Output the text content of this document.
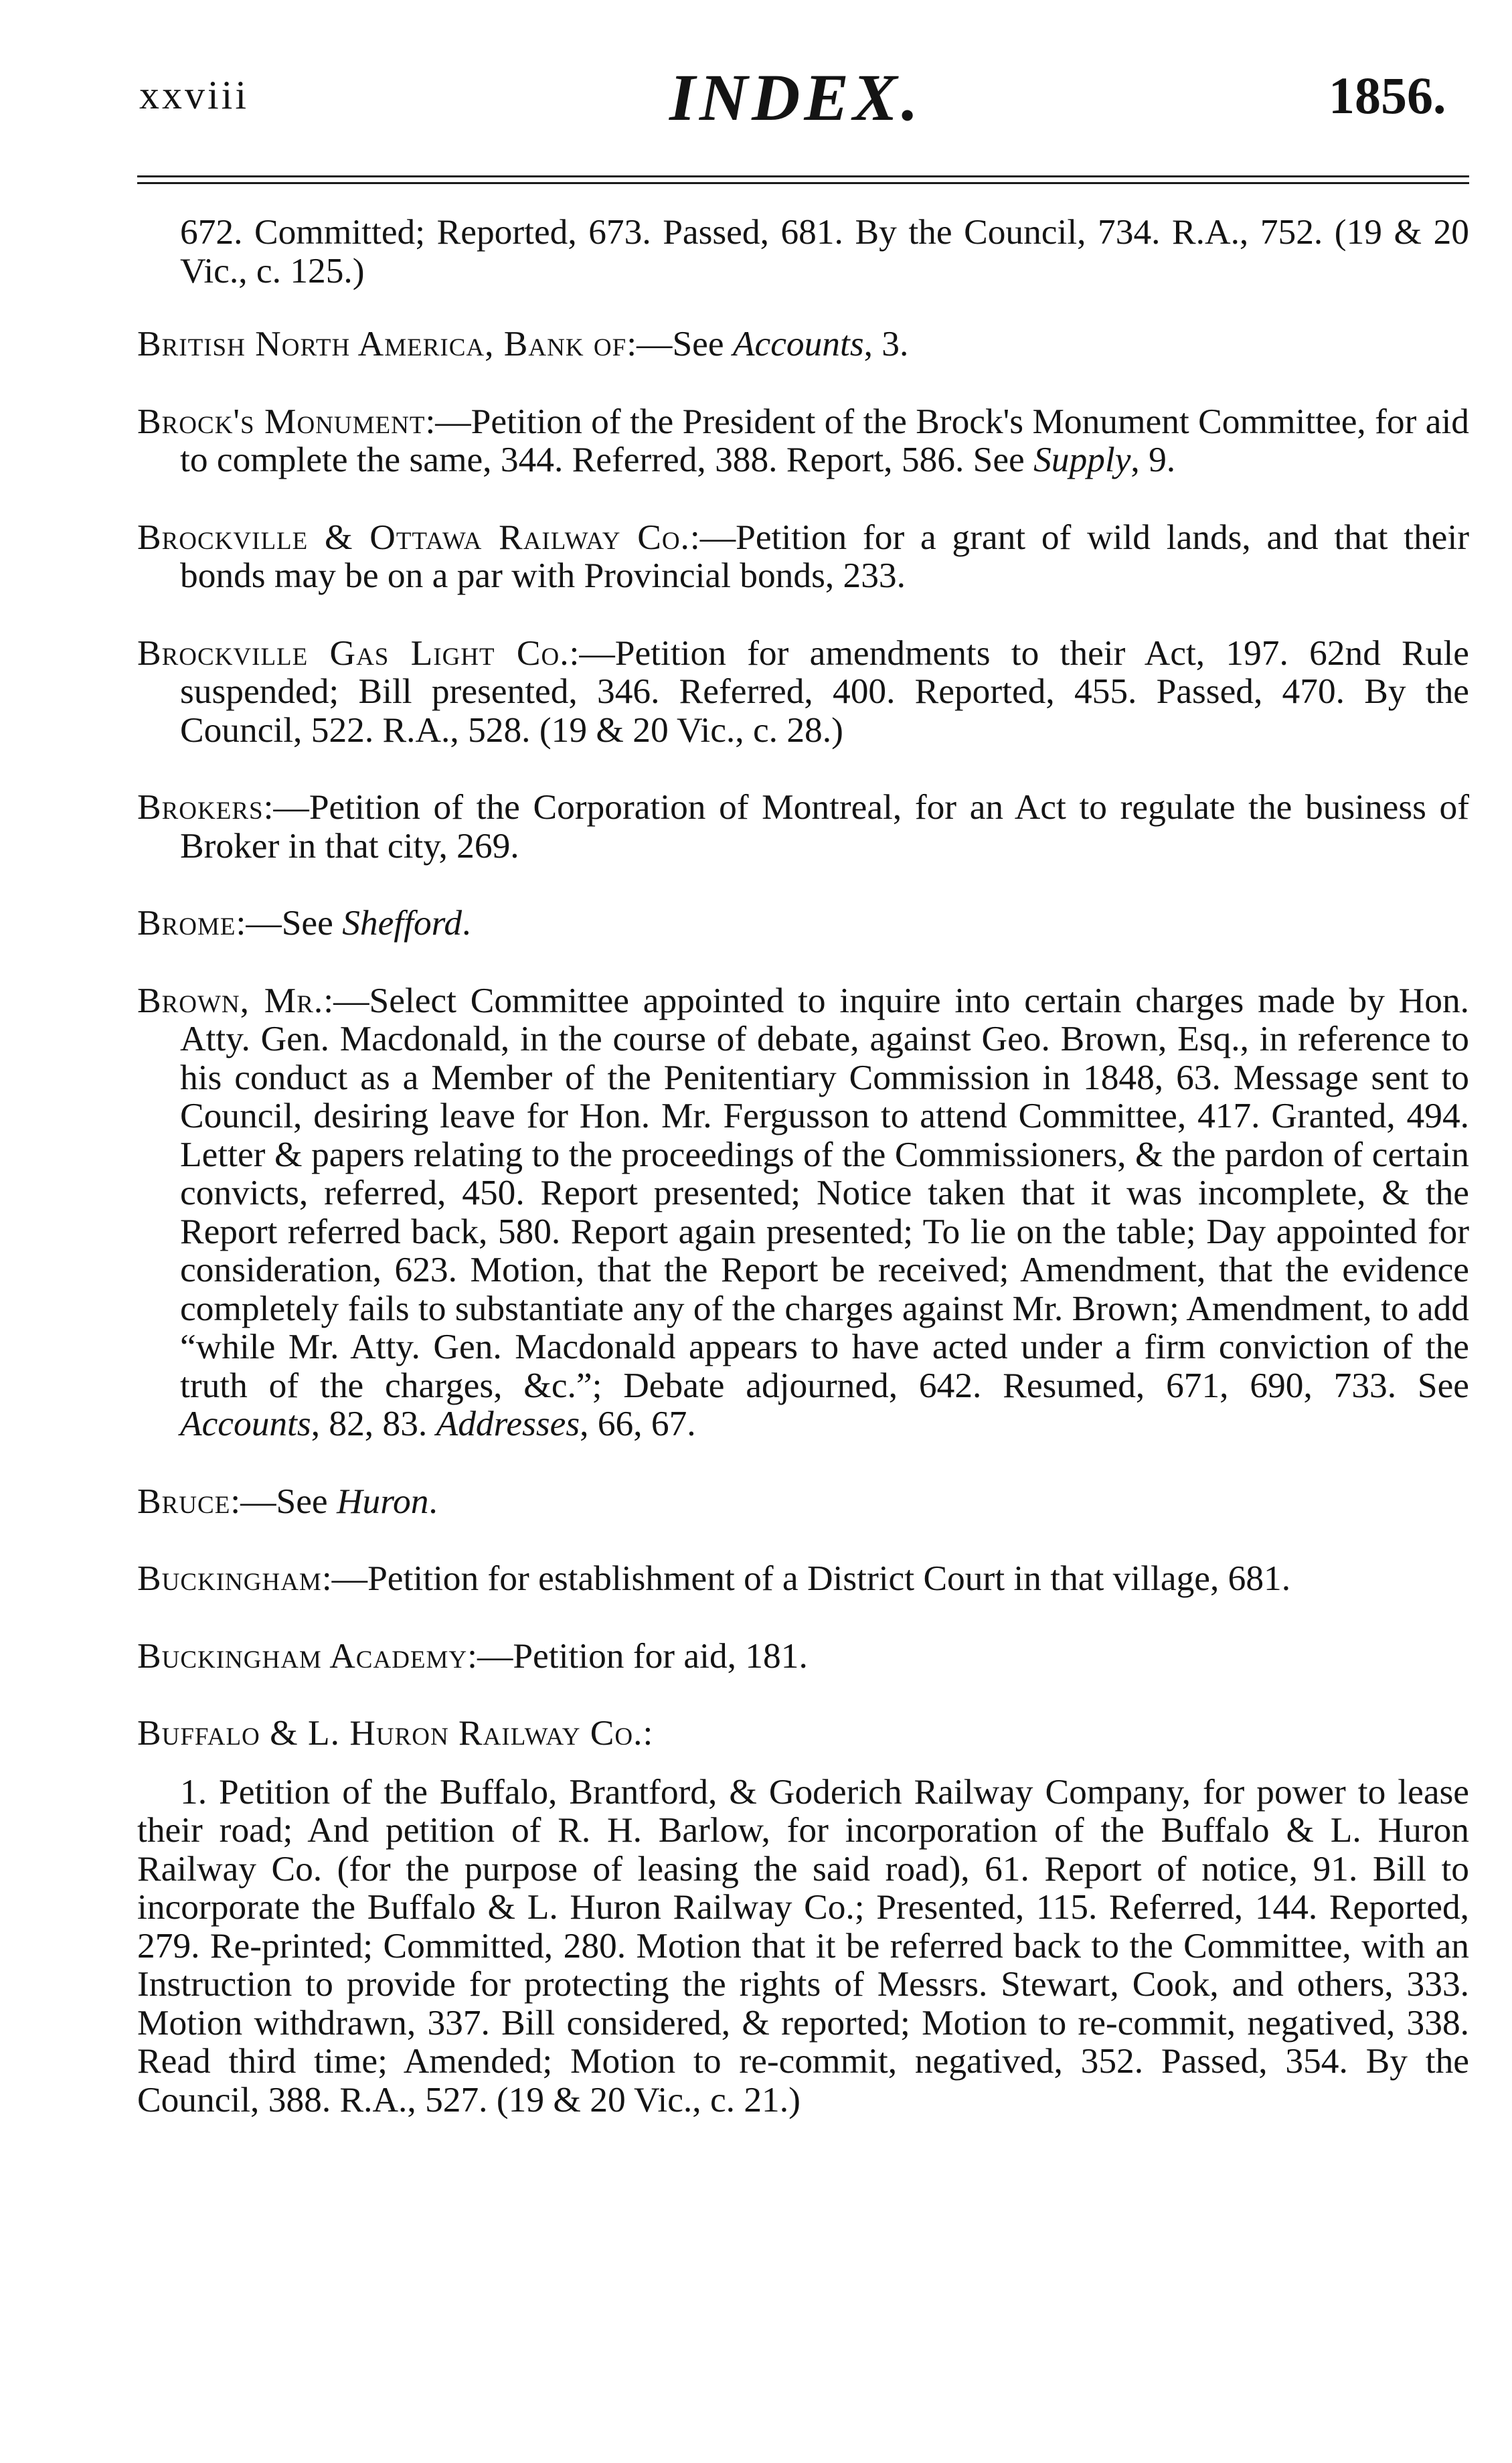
xxviii	INDEX.	1856.

672. Committed; Reported, 673. Passed, 681. By the Council, 734. R.A., 752. (19 & 20 Vic., c. 125.)

British North America, Bank of:—See Accounts, 3.

Brock's Monument:—Petition of the President of the Brock's Monument Committee, for aid to complete the same, 344. Referred, 388. Report, 586. See Supply, 9.

Brockville & Ottawa Railway Co.:—Petition for a grant of wild lands, and that their bonds may be on a par with Provincial bonds, 233.

Brockville Gas Light Co.:—Petition for amendments to their Act, 197. 62nd Rule suspended; Bill presented, 346. Referred, 400. Reported, 455. Passed, 470. By the Council, 522. R.A., 528. (19 & 20 Vic., c. 28.)

Brokers:—Petition of the Corporation of Montreal, for an Act to regulate the business of Broker in that city, 269.

Brome:—See Shefford.

Brown, Mr.:—Select Committee appointed to inquire into certain charges made by Hon. Atty. Gen. Macdonald, in the course of debate, against Geo. Brown, Esq., in reference to his conduct as a Member of the Penitentiary Commission in 1848, 63. Message sent to Council, desiring leave for Hon. Mr. Fergusson to attend Committee, 417. Granted, 494. Letter & papers relating to the proceedings of the Commissioners, & the pardon of certain convicts, referred, 450. Report presented; Notice taken that it was incomplete, & the Report referred back, 580. Report again presented; To lie on the table; Day appointed for consideration, 623. Motion, that the Report be received; Amendment, that the evidence completely fails to substantiate any of the charges against Mr. Brown; Amendment, to add “while Mr. Atty. Gen. Macdonald appears to have acted under a firm conviction of the truth of the charges, &c.”; Debate adjourned, 642. Resumed, 671, 690, 733. See Accounts, 82, 83. Addresses, 66, 67.

Bruce:—See Huron.

Buckingham:—Petition for establishment of a District Court in that village, 681.

Buckingham Academy:—Petition for aid, 181.

Buffalo & L. Huron Railway Co.:

1. Petition of the Buffalo, Brantford, & Goderich Railway Company, for power to lease their road; And petition of R. H. Barlow, for incorporation of the Buffalo & L. Huron Railway Co. (for the purpose of leasing the said road), 61. Report of notice, 91. Bill to incorporate the Buffalo & L. Huron Railway Co.; Presented, 115. Referred, 144. Reported, 279. Re-printed; Committed, 280. Motion that it be referred back to the Committee, with an Instruction to provide for protecting the rights of Messrs. Stewart, Cook, and others, 333. Motion withdrawn, 337. Bill considered, & reported; Motion to re-commit, negatived, 338. Read third time; Amended; Motion to re-commit, negatived, 352. Passed, 354. By the Council, 388. R.A., 527. (19 & 20 Vic., c. 21.)
